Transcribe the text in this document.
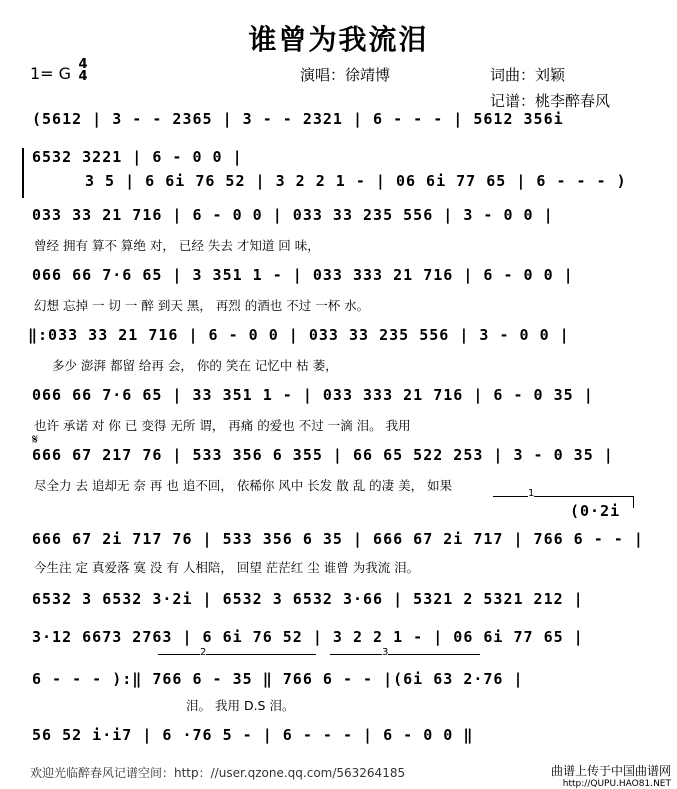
谁曾为我流泪
1= G 4
4	演唱：徐靖博	词曲：刘颖
记谱：桃李醉春风
(5612 | 3 - - 2365 | 3 - - 2321 | 6 - - - | 5612 356i
6532 3221 | 6 - 0 0 |
3 5 | 6 6i 76 52 | 3 2 2 1 - | 06 6i 77 65 | 6 - - - )
033 33 21 716 | 6 - 0 0 | 033 33 235 556 | 3 - 0 0 |
曾经 拥有 算不 算绝 对， 已经 失去 才知道 回 味，
066 66 7·6 65 | 3 351 1 - | 033 333 21 716 | 6 - 0 0 |
幻想 忘掉 一 切 一 醉 到天 黑， 再烈 的酒也 不过 一杯 水。
‖:033 33 21 716 | 6 - 0 0 | 033 33 235 556 | 3 - 0 0 |
多少 澎湃 都留 给再 会， 你的 笑在 记忆中 枯 萎，
066 66 7·6 65 | 33 351 1 - | 033 333 21 716 | 6 - 0 35 |
也许 承诺 对 你 已 变得 无所 谓， 再痛 的爱也 不过 一滴 泪。 我用
𝄋
666 67 217 76 | 533 356 6 355 | 66 65 522 253 | 3 - 0 35 |
尽全力 去 追却无 奈 再 也 追不回， 依稀你 风中 长发 散 乱 的凄 美， 如果
1
(0·2i
666 67 2i 717 76 | 533 356 6 35 | 666 67 2i 717 | 766 6 - - |
今生注 定 真爱落 寞 没 有 人相陪， 回望 茫茫红 尘 谁曾 为我流 泪。
6532 3 6532 3·2i | 6532 3 6532 3·66 | 5321 2 5321 212 |
3·12 6673 2763 | 6 6i 76 52 | 3 2 2 1 - | 06 6i 77 65 |
2	3
6 - - - ):‖ 766 6 - 35 ‖ 766 6 - - |(6i 63 2·76 |
泪。 我用 D.S 泪。
56 52 i·i7 | 6 ·76 5 - | 6 - - - | 6 - 0 0 ‖
欢迎光临醉春风记谱空间：http：//user.qzone.qq.com/563264185	曲谱上传于中国曲谱网
http://QUPU.HAO81.NET
